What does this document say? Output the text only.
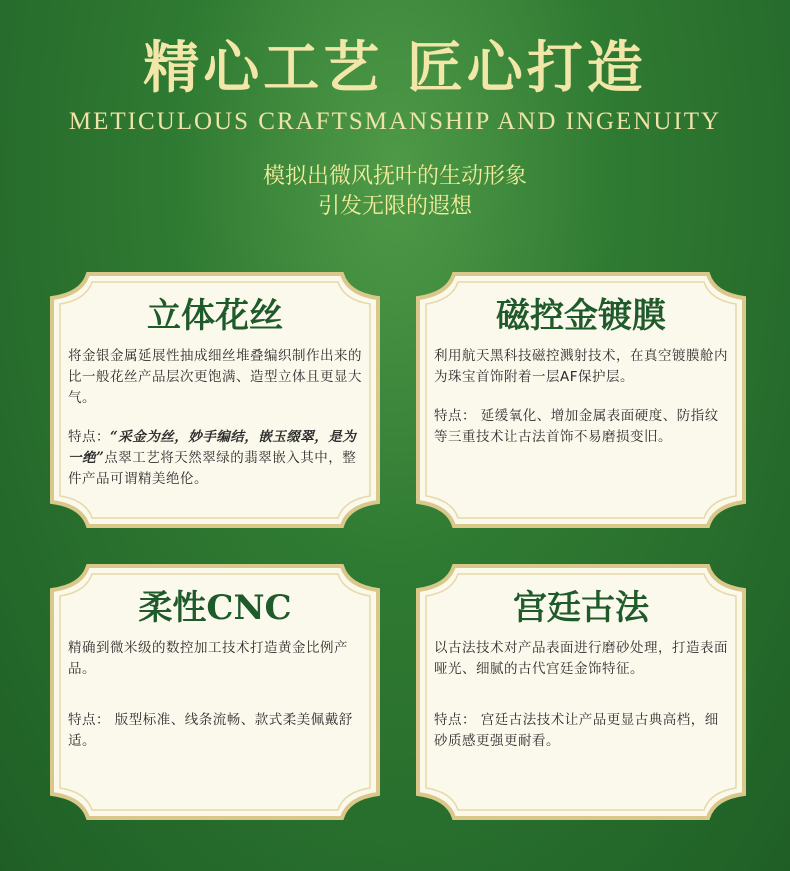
精心工艺 匠心打造
METICULOUS CRAFTSMANSHIP AND INGENUITY
模拟出微风抚叶的生动形象
引发无限的遐想
立体花丝

将金银金属延展性抽成细丝堆叠编织制作出来的比一般花丝产品层次更饱满、造型立体且更显大气。

特点：“采金为丝，妙手编结，嵌玉缀翠，是为一绝”点翠工艺将天然翠绿的翡翠嵌入其中，整件产品可谓精美绝伦。

磁控金镀膜

利用航天黑科技磁控溅射技术，在真空镀膜舱内为珠宝首饰附着一层AF保护层。

特点： 延缓氧化、增加金属表面硬度、防指纹等三重技术让古法首饰不易磨损变旧。

柔性CNC

精确到微米级的数控加工技术打造黄金比例产品。

特点： 版型标准、线条流畅、款式柔美佩戴舒适。

宫廷古法

以古法技术对产品表面进行磨砂处理，打造表面哑光、细腻的古代宫廷金饰特征。

特点： 宫廷古法技术让产品更显古典高档，细砂质感更强更耐看。
